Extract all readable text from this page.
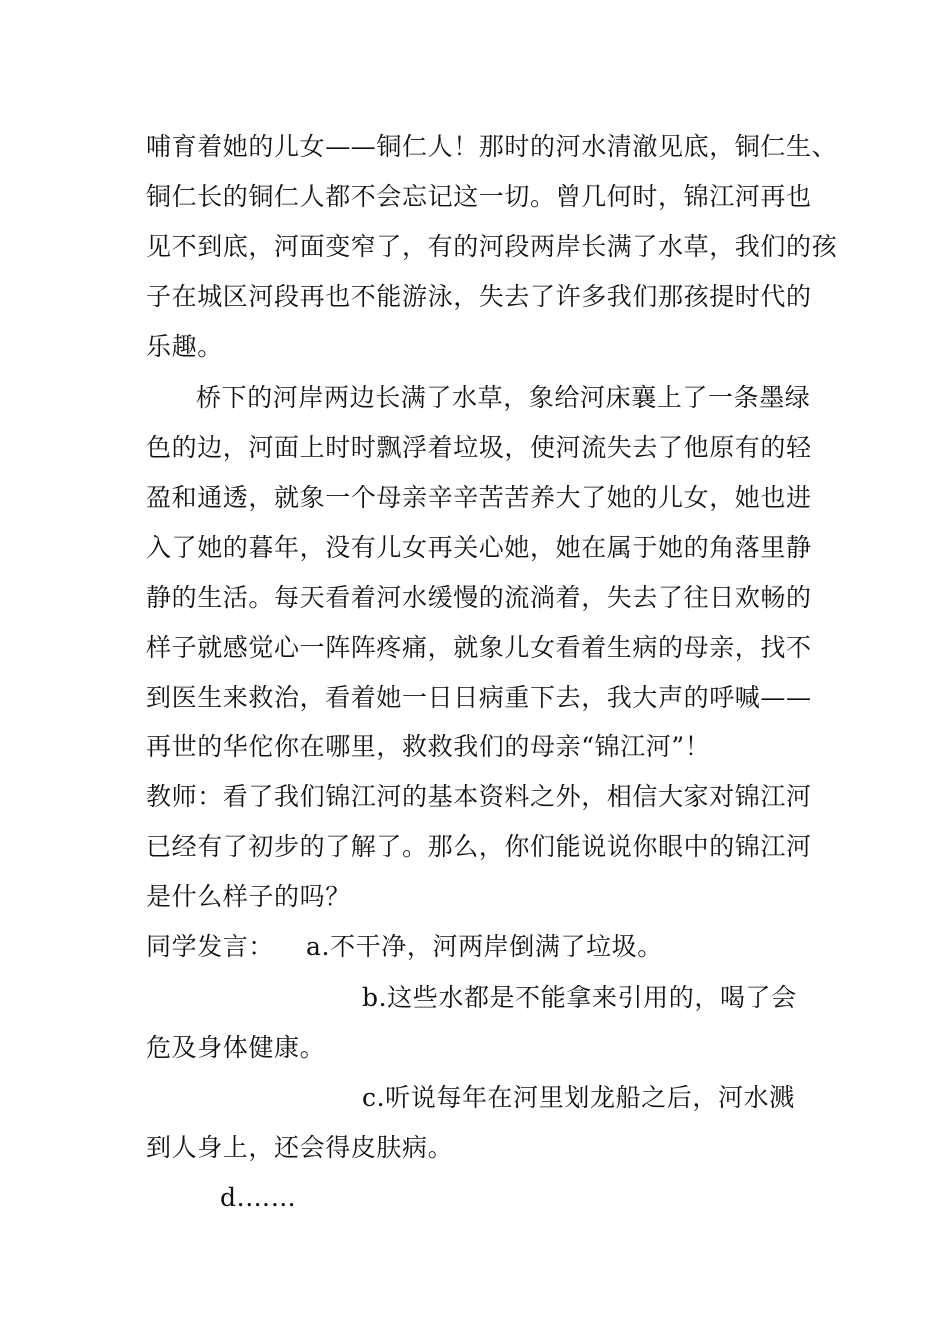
哺育着她的儿女——铜仁人！那时的河水清澈见底，铜仁生、
铜仁长的铜仁人都不会忘记这一切。曾几何时，锦江河再也
见不到底，河面变窄了，有的河段两岸长满了水草，我们的孩
子在城区河段再也不能游泳，失去了许多我们那孩提时代的
乐趣。
桥下的河岸两边长满了水草，象给河床襄上了一条墨绿
色的边，河面上时时飘浮着垃圾，使河流失去了他原有的轻
盈和通透，就象一个母亲辛辛苦苦养大了她的儿女，她也进
入了她的暮年，没有儿女再关心她，她在属于她的角落里静
静的生活。每天看着河水缓慢的流淌着，失去了往日欢畅的
样子就感觉心一阵阵疼痛，就象儿女看着生病的母亲，找不
到医生来救治，看着她一日日病重下去，我大声的呼喊——
再世的华佗你在哪里，救救我们的母亲“锦江河”！
教师：看了我们锦江河的基本资料之外，相信大家对锦江河
已经有了初步的了解了。那么，你们能说说你眼中的锦江河
是什么样子的吗？
同学发言： a.不干净，河两岸倒满了垃圾。
b.这些水都是不能拿来引用的，喝了会
危及身体健康。
c.听说每年在河里划龙船之后，河水溅
到人身上，还会得皮肤病。
d.……
